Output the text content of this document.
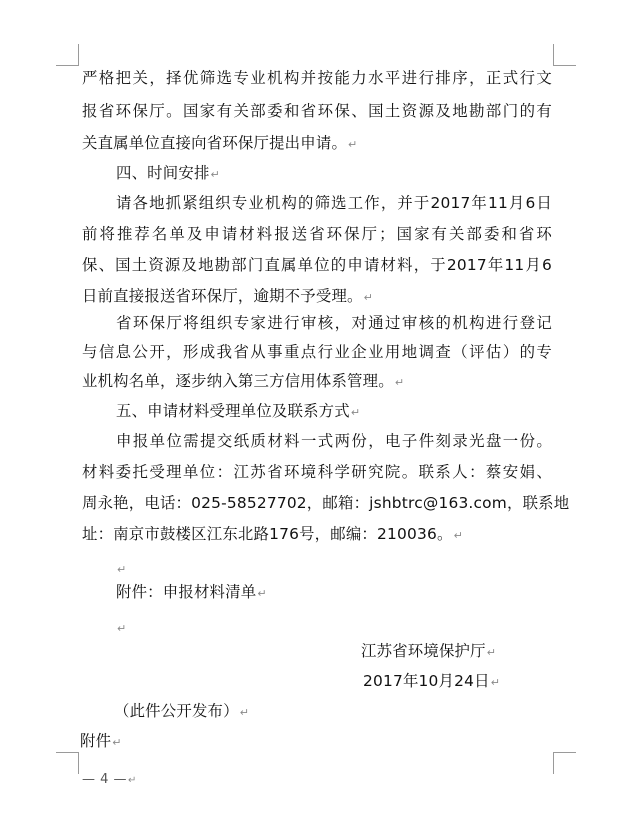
严格把关，择优筛选专业机构并按能力水平进行排序，正式行文
报省环保厅。国家有关部委和省环保、国土资源及地勘部门的有
关直属单位直接向省环保厅提出申请。↵
四、时间安排↵
请各地抓紧组织专业机构的筛选工作，并于2017年11月6日
前将推荐名单及申请材料报送省环保厅；国家有关部委和省环
保、国土资源及地勘部门直属单位的申请材料，于2017年11月6
日前直接报送省环保厅，逾期不予受理。↵
省环保厅将组织专家进行审核，对通过审核的机构进行登记
与信息公开，形成我省从事重点行业企业用地调查（评估）的专
业机构名单，逐步纳入第三方信用体系管理。↵
五、申请材料受理单位及联系方式↵
申报单位需提交纸质材料一式两份，电子件刻录光盘一份。
材料委托受理单位：江苏省环境科学研究院。联系人：蔡安娟、
周永艳，电话：025-58527702，邮箱：jshbtrc@163.com，联系地
址：南京市鼓楼区江东北路176号，邮编：210036。↵
↵
附件：申报材料清单↵
↵
江苏省环境保护厅↵
2017年10月24日↵
（此件公开发布）↵
附件↵
— 4 —↵
